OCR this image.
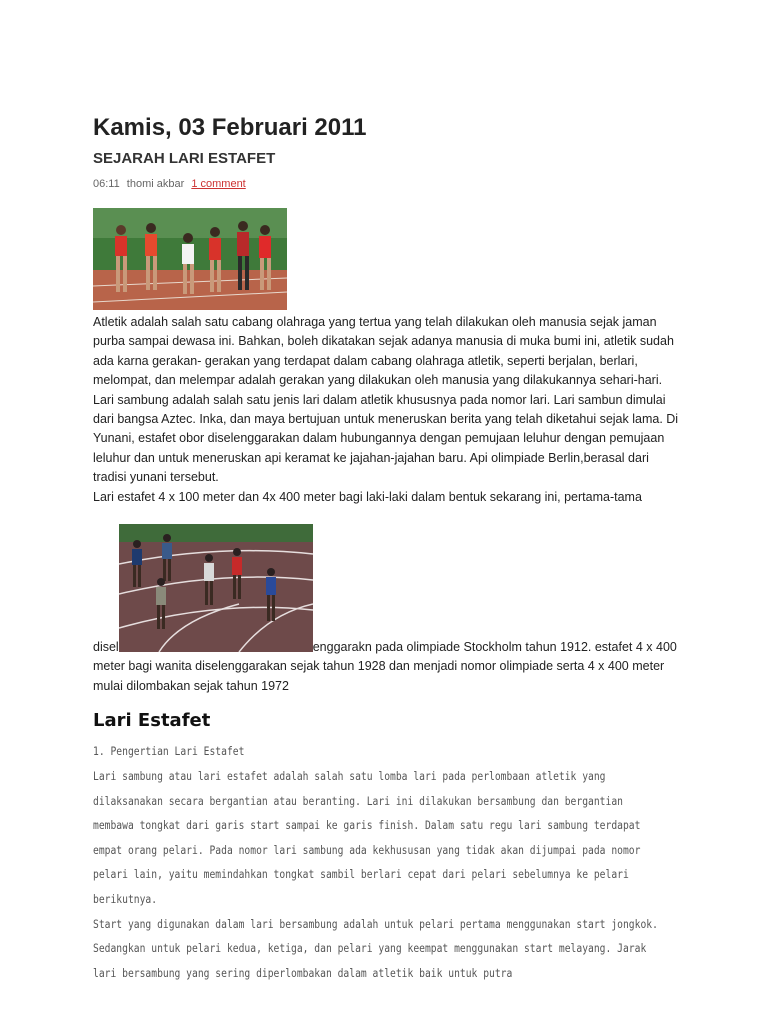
Kamis, 03 Februari 2011
SEJARAH LARI ESTAFET
06:11 thomi akbar 1 comment
Atletik adalah salah satu cabang olahraga yang tertua yang telah dilakukan oleh manusia sejak jaman purba sampai dewasa ini. Bahkan, boleh dikatakan sejak adanya manusia di muka bumi ini, atletik sudah ada karna gerakan- gerakan yang terdapat dalam cabang olahraga atletik, seperti berjalan, berlari, melompat, dan melempar adalah gerakan yang dilakukan oleh manusia yang dilakukannya sehari-hari.
Lari sambung adalah salah satu jenis lari dalam atletik khususnya pada nomor lari. Lari sambun dimulai dari bangsa Aztec. Inka, dan maya bertujuan untuk meneruskan berita yang telah diketahui sejak lama. Di Yunani, estafet obor diselenggarakan dalam hubungannya dengan pemujaan leluhur dengan pemujaan leluhur dan untuk meneruskan api keramat ke jajahan-jajahan baru. Api olimpiade Berlin,berasal dari tradisi yunani tersebut.
Lari estafet 4 x 100 meter dan 4x 400 meter bagi laki-laki dalam bentuk sekarang ini, pertama-tama
disel	enggarakn pada olimpiade Stockholm tahun 1912. estafet 4 x 400 meter bagi wanita diselenggarakan sejak tahun 1928 dan menjadi nomor olimpiade serta 4 x 400 meter mulai dilombakan sejak tahun 1972
Lari Estafet
1. Pengertian Lari Estafet

Lari sambung atau lari estafet adalah salah satu lomba lari pada perlombaan atletik yang dilaksanakan secara bergantian atau beranting. Lari ini dilakukan bersambung dan bergantian membawa tongkat dari garis start sampai ke garis finish. Dalam satu regu lari sambung terdapat empat orang pelari. Pada nomor lari sambung ada kekhususan yang tidak akan dijumpai pada nomor pelari lain, yaitu memindahkan tongkat sambil berlari cepat dari pelari sebelumnya ke pelari berikutnya.

Start yang digunakan dalam lari bersambung adalah untuk pelari pertama menggunakan start jongkok. Sedangkan untuk pelari kedua, ketiga, dan pelari yang keempat menggunakan start melayang. Jarak lari bersambung yang sering diperlombakan dalam atletik baik untuk putra
